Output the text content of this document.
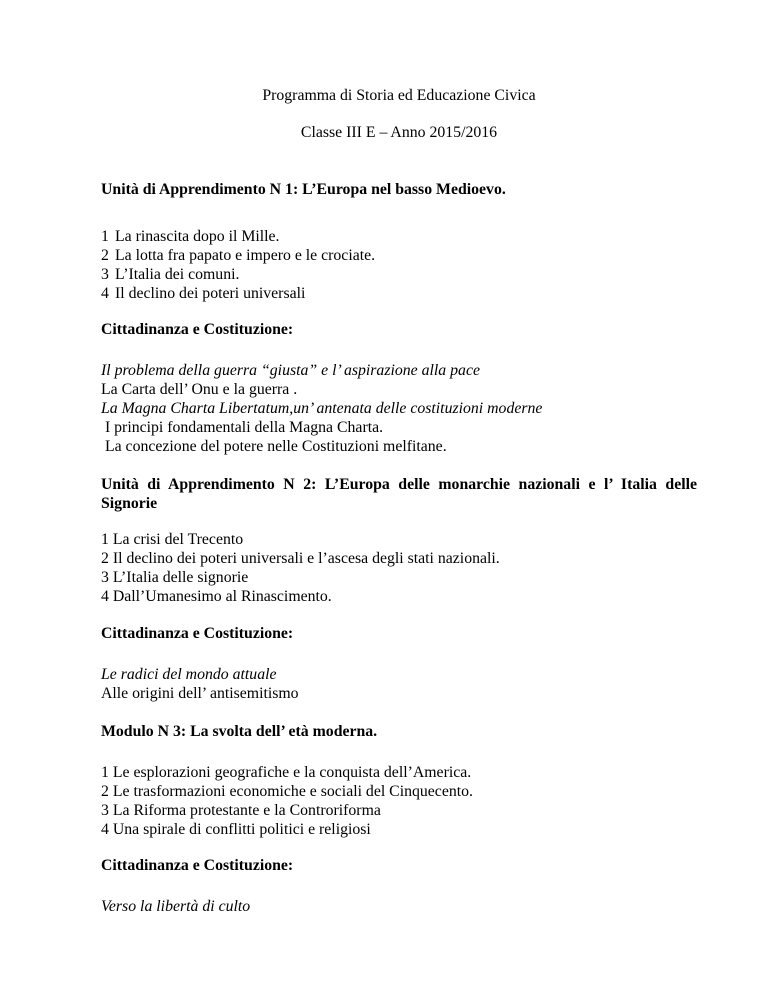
Programma di Storia ed Educazione Civica
Classe III E – Anno 2015/2016
Unità di Apprendimento N 1: L’Europa nel basso Medioevo.
1 La rinascita dopo il Mille.
2 La lotta fra papato e impero e le crociate.
3 L’Italia dei comuni.
4 Il declino dei poteri universali
Cittadinanza e Costituzione:
Il problema della guerra “giusta” e l’ aspirazione alla pace
La Carta dell’ Onu e la guerra .
La Magna Charta Libertatum,un’ antenata delle costituzioni moderne
I principi fondamentali della Magna Charta.
La concezione del potere nelle Costituzioni melfitane.
Unità di Apprendimento N 2: L’Europa delle monarchie nazionali e l’ Italia delle Signorie
1 La crisi del Trecento
2 Il declino dei poteri universali e l’ascesa degli stati nazionali.
3 L’Italia delle signorie
4 Dall’Umanesimo al Rinascimento.
Cittadinanza e Costituzione:
Le radici del mondo attuale
Alle origini dell’ antisemitismo
Modulo N 3: La svolta dell’ età moderna.
1 Le esplorazioni geografiche e la conquista dell’America.
2 Le trasformazioni economiche e sociali del Cinquecento.
3 La Riforma protestante e la Controriforma
4 Una spirale di conflitti politici e religiosi
Cittadinanza e Costituzione:
Verso la libertà di culto
